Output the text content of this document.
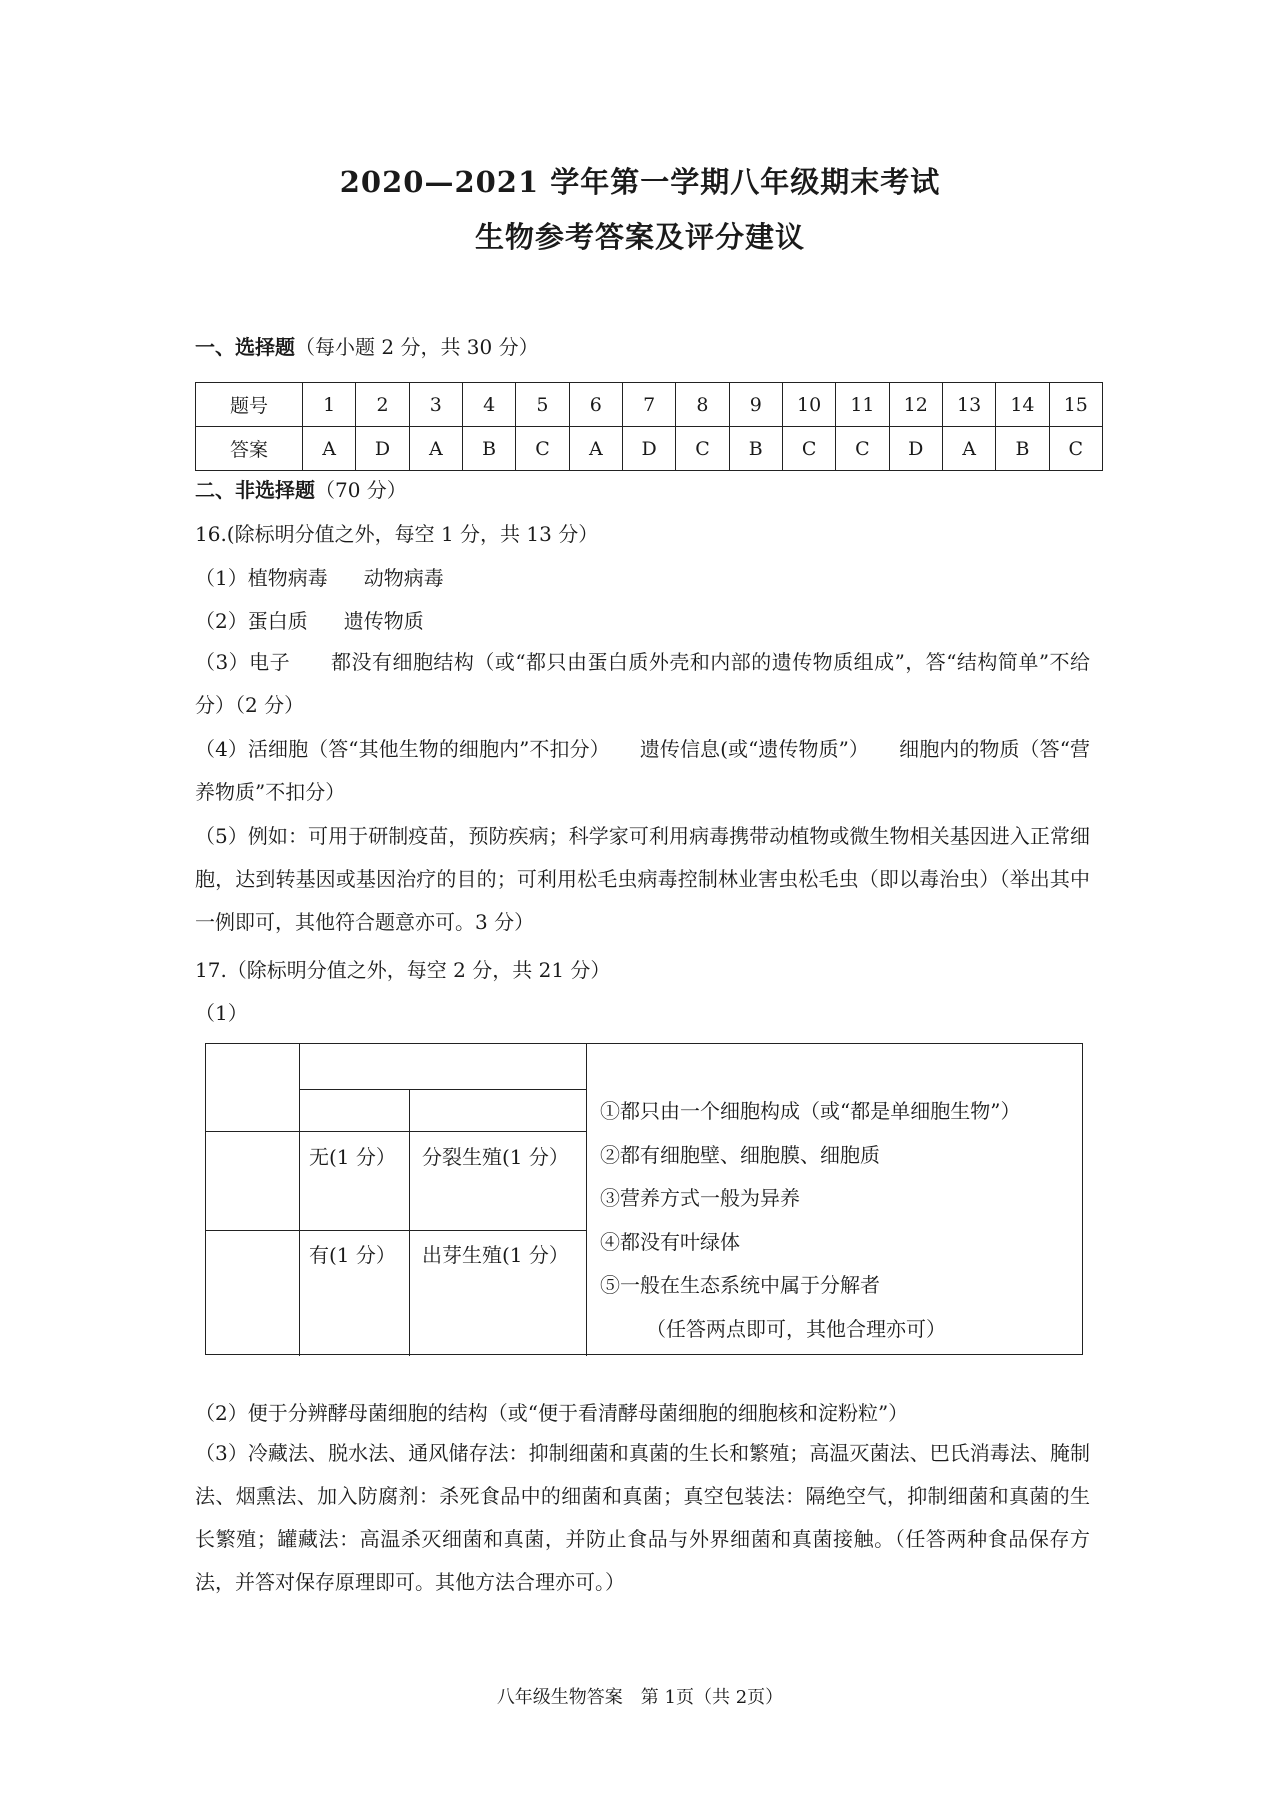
2020—2021 学年第一学期八年级期末考试
生物参考答案及评分建议
一、选择题（每小题 2 分，共 30 分）
题号	1	2	3	4	5	6	7	8	9	10	11	12	13	14	15
答案	A	D	A	B	C	A	D	C	B	C	C	D	A	B	C
二、非选择题（70 分）
16.(除标明分值之外，每空 1 分，共 13 分）
（1）植物病毒 动物病毒
（2）蛋白质 遗传物质
（3）电子　　都没有细胞结构（或“都只由蛋白质外壳和内部的遗传物质组成”，答“结构简单”不给分）（2 分）
（4）活细胞（答“其他生物的细胞内”不扣分）　　遗传信息(或“遗传物质”）　　细胞内的物质（答“营养物质”不扣分）
（5）例如：可用于研制疫苗，预防疾病；科学家可利用病毒携带动植物或微生物相关基因进入正常细胞，达到转基因或基因治疗的目的；可利用松毛虫病毒控制林业害虫松毛虫（即以毒治虫）（举出其中一例即可，其他符合题意亦可。3 分）
17.（除标明分值之外，每空 2 分，共 21 分）
（1）
无(1 分） 分裂生殖(1 分）
有(1 分） 出芽生殖(1 分）
①都只由一个细胞构成（或“都是单细胞生物”）
②都有细胞壁、细胞膜、细胞质
③营养方式一般为异养
④都没有叶绿体
⑤一般在生态系统中属于分解者
（任答两点即可，其他合理亦可）
（2）便于分辨酵母菌细胞的结构（或“便于看清酵母菌细胞的细胞核和淀粉粒”）
（3）冷藏法、脱水法、通风储存法：抑制细菌和真菌的生长和繁殖；高温灭菌法、巴氏消毒法、腌制法、烟熏法、加入防腐剂：杀死食品中的细菌和真菌；真空包装法：隔绝空气，抑制细菌和真菌的生长繁殖；罐藏法：高温杀灭细菌和真菌，并防止食品与外界细菌和真菌接触。（任答两种食品保存方法，并答对保存原理即可。其他方法合理亦可。）
八年级生物答案　第 1页（共 2页）
